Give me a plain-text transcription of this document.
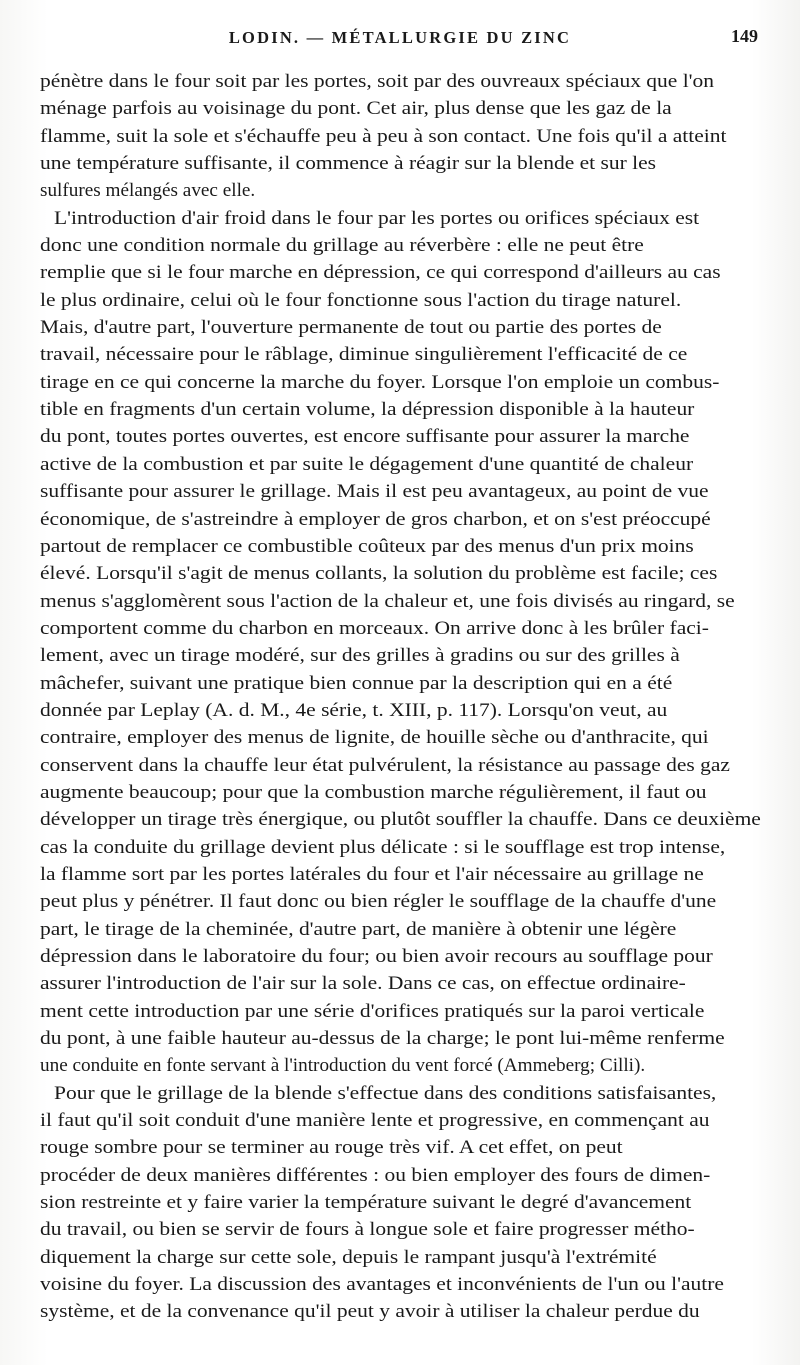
LODIN. — MÉTALLURGIE DU ZINC	149
pénètre dans le four soit par les portes, soit par des ouvreaux spéciaux que l'on
ménage parfois au voisinage du pont. Cet air, plus dense que les gaz de la
flamme, suit la sole et s'échauffe peu à peu à son contact. Une fois qu'il a atteint
une température suffisante, il commence à réagir sur la blende et sur les
sulfures mélangés avec elle.
L'introduction d'air froid dans le four par les portes ou orifices spéciaux est
donc une condition normale du grillage au réverbère : elle ne peut être
remplie que si le four marche en dépression, ce qui correspond d'ailleurs au cas
le plus ordinaire, celui où le four fonctionne sous l'action du tirage naturel.
Mais, d'autre part, l'ouverture permanente de tout ou partie des portes de
travail, nécessaire pour le râblage, diminue singulièrement l'efficacité de ce
tirage en ce qui concerne la marche du foyer. Lorsque l'on emploie un combus-
tible en fragments d'un certain volume, la dépression disponible à la hauteur
du pont, toutes portes ouvertes, est encore suffisante pour assurer la marche
active de la combustion et par suite le dégagement d'une quantité de chaleur
suffisante pour assurer le grillage. Mais il est peu avantageux, au point de vue
économique, de s'astreindre à employer de gros charbon, et on s'est préoccupé
partout de remplacer ce combustible coûteux par des menus d'un prix moins
élevé. Lorsqu'il s'agit de menus collants, la solution du problème est facile; ces
menus s'agglomèrent sous l'action de la chaleur et, une fois divisés au ringard, se
comportent comme du charbon en morceaux. On arrive donc à les brûler faci-
lement, avec un tirage modéré, sur des grilles à gradins ou sur des grilles à
mâchefer, suivant une pratique bien connue par la description qui en a été
donnée par Leplay (A. d. M., 4e série, t. XIII, p. 117). Lorsqu'on veut, au
contraire, employer des menus de lignite, de houille sèche ou d'anthracite, qui
conservent dans la chauffe leur état pulvérulent, la résistance au passage des gaz
augmente beaucoup; pour que la combustion marche régulièrement, il faut ou
développer un tirage très énergique, ou plutôt souffler la chauffe. Dans ce deuxième
cas la conduite du grillage devient plus délicate : si le soufflage est trop intense,
la flamme sort par les portes latérales du four et l'air nécessaire au grillage ne
peut plus y pénétrer. Il faut donc ou bien régler le soufflage de la chauffe d'une
part, le tirage de la cheminée, d'autre part, de manière à obtenir une légère
dépression dans le laboratoire du four; ou bien avoir recours au soufflage pour
assurer l'introduction de l'air sur la sole. Dans ce cas, on effectue ordinaire-
ment cette introduction par une série d'orifices pratiqués sur la paroi verticale
du pont, à une faible hauteur au-dessus de la charge; le pont lui-même renferme
une conduite en fonte servant à l'introduction du vent forcé (Ammeberg; Cilli).
Pour que le grillage de la blende s'effectue dans des conditions satisfaisantes,
il faut qu'il soit conduit d'une manière lente et progressive, en commençant au
rouge sombre pour se terminer au rouge très vif. A cet effet, on peut
procéder de deux manières différentes : ou bien employer des fours de dimen-
sion restreinte et y faire varier la température suivant le degré d'avancement
du travail, ou bien se servir de fours à longue sole et faire progresser métho-
diquement la charge sur cette sole, depuis le rampant jusqu'à l'extrémité
voisine du foyer. La discussion des avantages et inconvénients de l'un ou l'autre
système, et de la convenance qu'il peut y avoir à utiliser la chaleur perdue du
